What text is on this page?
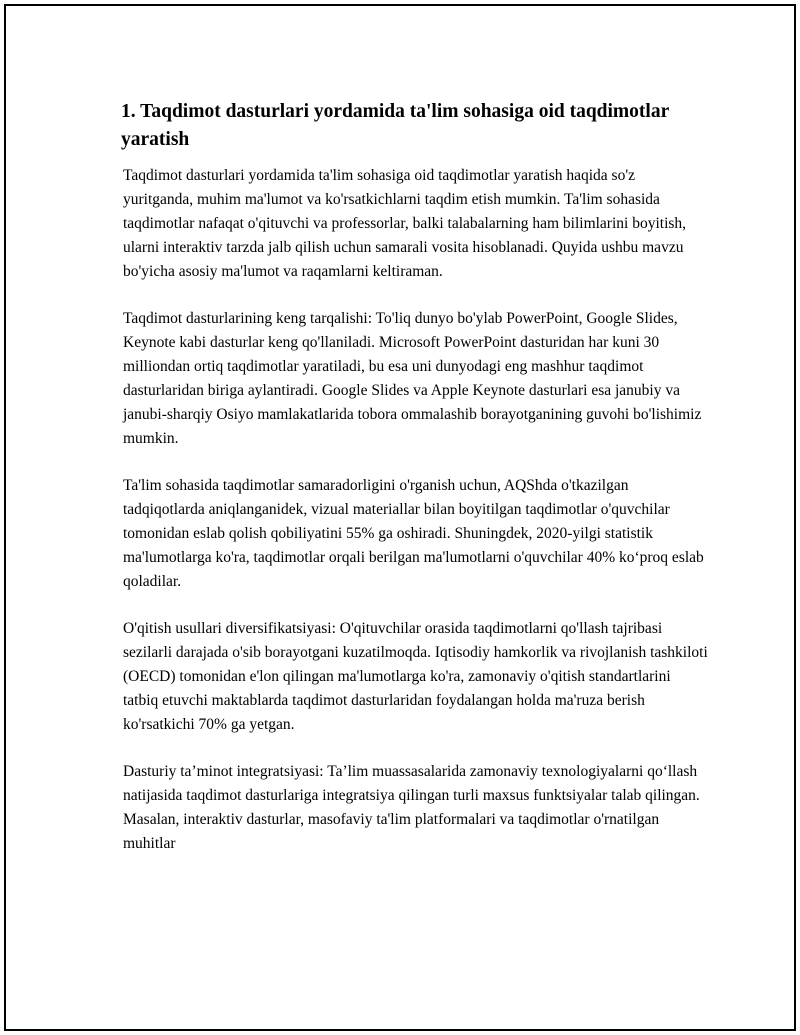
1. Taqdimot dasturlari yordamida ta'lim sohasiga oid taqdimotlar yaratish

Taqdimot dasturlari yordamida ta'lim sohasiga oid taqdimotlar yaratish haqida so'z yuritganda, muhim ma'lumot va ko'rsatkichlarni taqdim etish mumkin. Ta'lim sohasida taqdimotlar nafaqat o'qituvchi va professorlar, balki talabalarning ham bilimlarini boyitish, ularni interaktiv tarzda jalb qilish uchun samarali vosita hisoblanadi. Quyida ushbu mavzu bo'yicha asosiy ma'lumot va raqamlarni keltiraman.

Taqdimot dasturlarining keng tarqalishi: To'liq dunyo bo'ylab PowerPoint, Google Slides, Keynote kabi dasturlar keng qo'llaniladi. Microsoft PowerPoint dasturidan har kuni 30 milliondan ortiq taqdimotlar yaratiladi, bu esa uni dunyodagi eng mashhur taqdimot dasturlaridan biriga aylantiradi. Google Slides va Apple Keynote dasturlari esa janubiy va janubi-sharqiy Osiyo mamlakatlarida tobora ommalashib borayotganining guvohi bo'lishimiz mumkin.

Ta'lim sohasida taqdimotlar samaradorligini o'rganish uchun, AQShda o'tkazilgan tadqiqotlarda aniqlanganidek, vizual materiallar bilan boyitilgan taqdimotlar o'quvchilar tomonidan eslab qolish qobiliyatini 55% ga oshiradi. Shuningdek, 2020-yilgi statistik ma'lumotlarga ko'ra, taqdimotlar orqali berilgan ma'lumotlarni o'quvchilar 40% ko‘proq eslab qoladilar.

O'qitish usullari diversifikatsiyasi: O'qituvchilar orasida taqdimotlarni qo'llash tajribasi sezilarli darajada o'sib borayotgani kuzatilmoqda. Iqtisodiy hamkorlik va rivojlanish tashkiloti (OECD) tomonidan e'lon qilingan ma'lumotlarga ko'ra, zamonaviy o'qitish standartlarini tatbiq etuvchi maktablarda taqdimot dasturlaridan foydalangan holda ma'ruza berish ko'rsatkichi 70% ga yetgan.

Dasturiy ta’minot integratsiyasi: Ta’lim muassasalarida zamonaviy texnologiyalarni qo‘llash natijasida taqdimot dasturlariga integratsiya qilingan turli maxsus funktsiyalar talab qilingan. Masalan, interaktiv dasturlar, masofaviy ta'lim platformalari va taqdimotlar o'rnatilgan muhitlar
